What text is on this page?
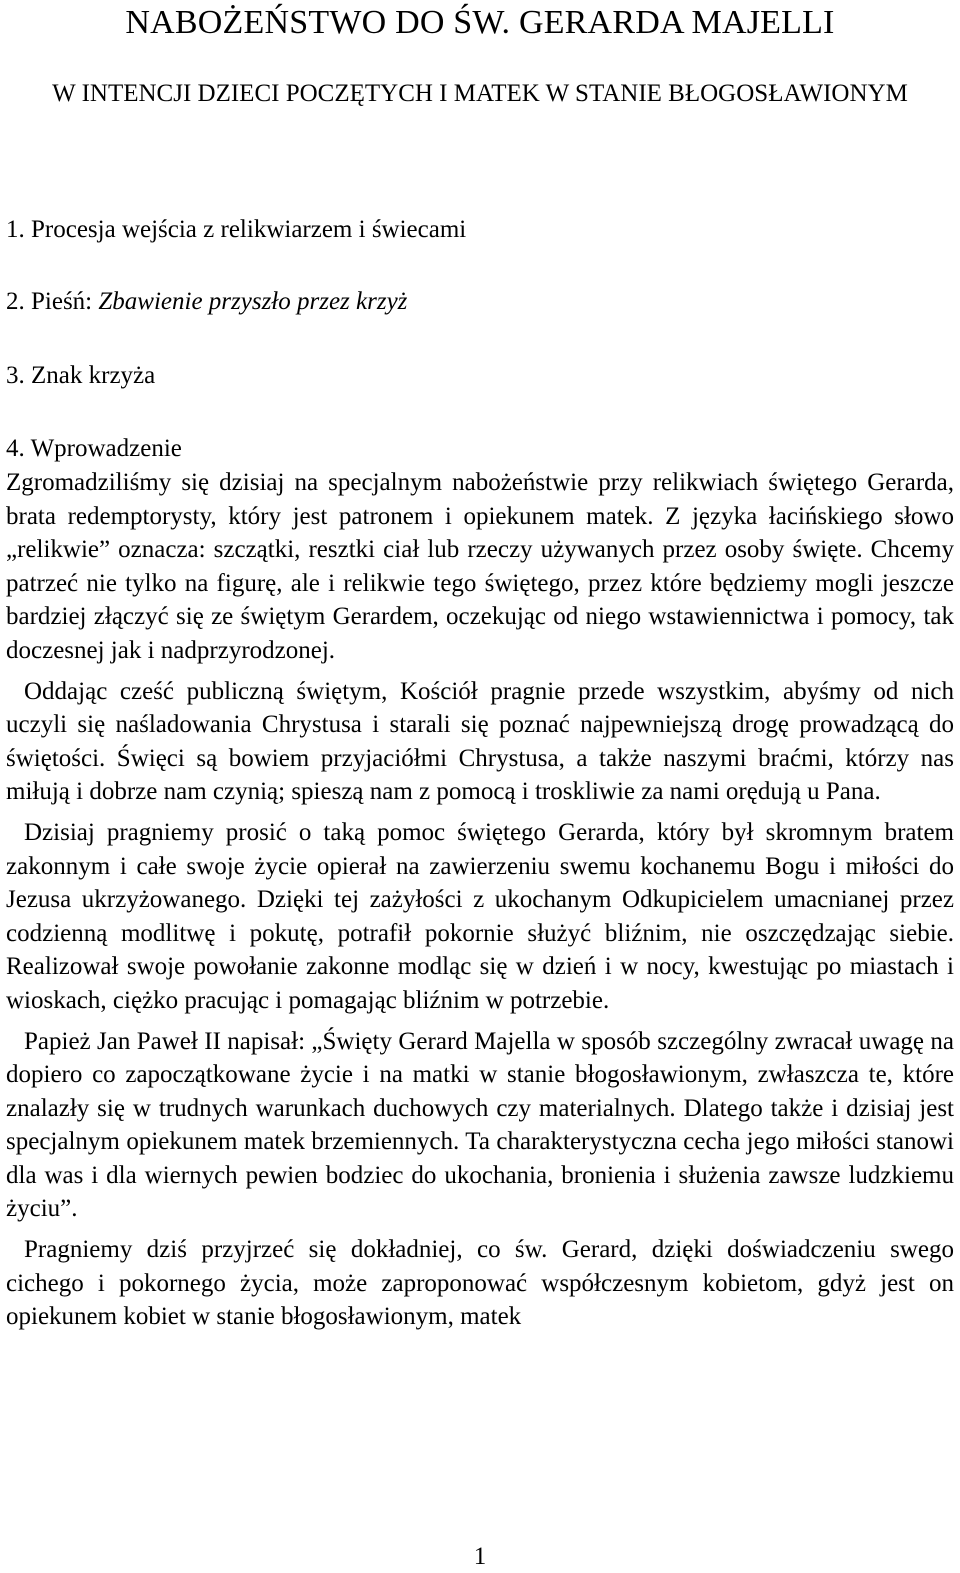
NABOŻEŃSTWO DO ŚW. GERARDA MAJELLI
W INTENCJI DZIECI POCZĘTYCH I MATEK W STANIE BŁOGOSŁAWIONYM

1. Procesja wejścia z relikwiarzem i świecami

2. Pieśń: Zbawienie przyszło przez krzyż

3. Znak krzyża

4. Wprowadzenie

Zgromadziliśmy się dzisiaj na specjalnym nabożeństwie przy relikwiach świętego Gerarda, brata redemptorysty, który jest patronem i opiekunem matek. Z języka łacińskiego słowo „relikwie” oznacza: szczątki, resztki ciał lub rzeczy używanych przez osoby święte. Chcemy patrzeć nie tylko na figurę, ale i relikwie tego świętego, przez które będziemy mogli jeszcze bardziej złączyć się ze świętym Gerardem, oczekując od niego wstawiennictwa i pomocy, tak doczesnej jak i nadprzyrodzonej.

Oddając cześć publiczną świętym, Kościół pragnie przede wszystkim, abyśmy od nich uczyli się naśladowania Chrystusa i starali się poznać najpewniejszą drogę prowadzącą do świętości. Święci są bowiem przyjaciółmi Chrystusa, a także naszymi braćmi, którzy nas miłują i dobrze nam czynią; spieszą nam z pomocą i troskliwie za nami orędują u Pana.

Dzisiaj pragniemy prosić o taką pomoc świętego Gerarda, który był skromnym bratem zakonnym i całe swoje życie opierał na zawierzeniu swemu kochanemu Bogu i miłości do Jezusa ukrzyżowanego. Dzięki tej zażyłości z ukochanym Odkupicielem umacnianej przez codzienną modlitwę i pokutę, potrafił pokornie służyć bliźnim, nie oszczędzając siebie. Realizował swoje powołanie zakonne modląc się w dzień i w nocy, kwestując po miastach i wioskach, ciężko pracując i pomagając bliźnim w potrzebie.

Papież Jan Paweł II napisał: „Święty Gerard Majella w sposób szczególny zwracał uwagę na dopiero co zapoczątkowane życie i na matki w stanie błogosławionym, zwłaszcza te, które znalazły się w trudnych warunkach duchowych czy materialnych. Dlatego także i dzisiaj jest specjalnym opiekunem matek brzemiennych. Ta charakterystyczna cecha jego miłości stanowi dla was i dla wiernych pewien bodziec do ukochania, bronienia i służenia zawsze ludzkiemu życiu”.

Pragniemy dziś przyjrzeć się dokładniej, co św. Gerard, dzięki doświadczeniu swego cichego i pokornego życia, może zaproponować współczesnym kobietom, gdyż jest on opiekunem kobiet w stanie błogosławionym, matek

1
